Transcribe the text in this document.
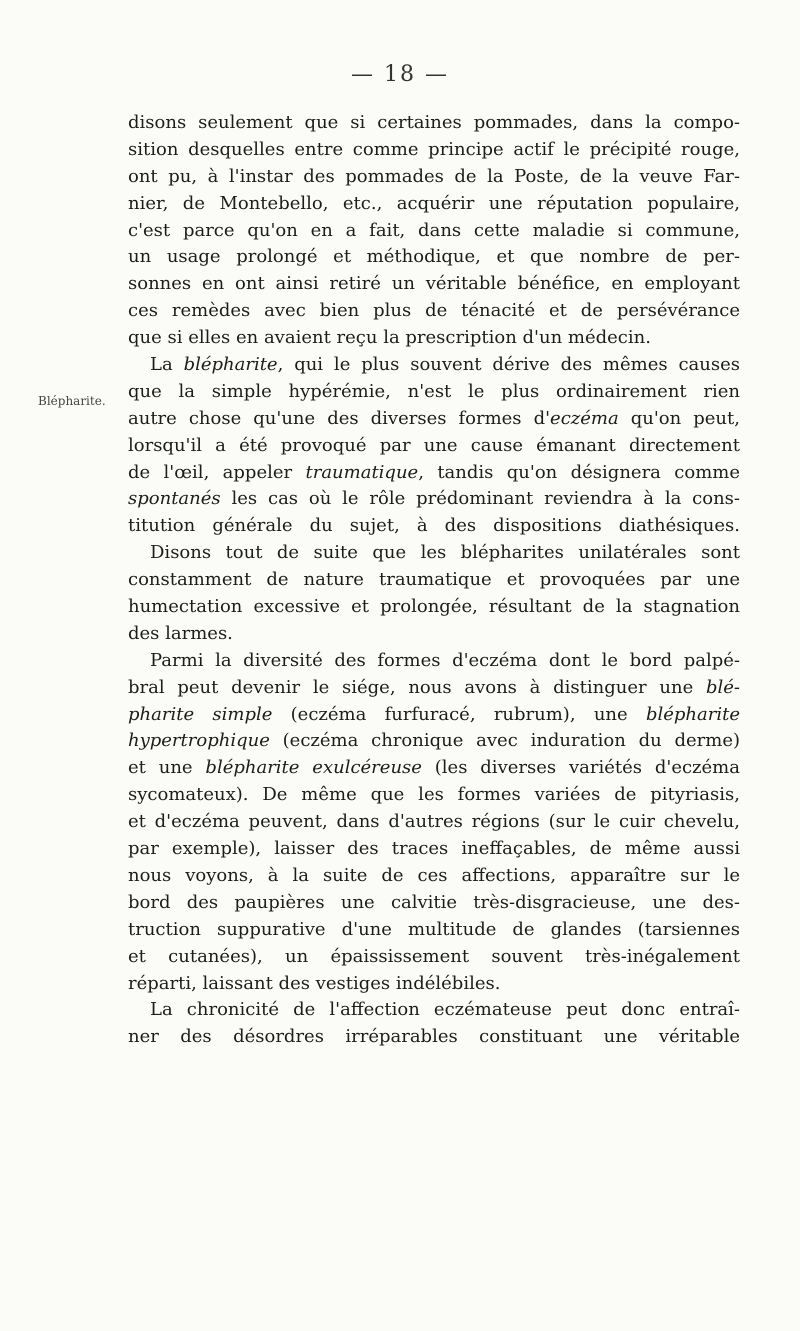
— 18 —
Blépharite.
disons seulement que si certaines pommades, dans la compo-
sition desquelles entre comme principe actif le précipité rouge,
ont pu, à l'instar des pommades de la Poste, de la veuve Far-
nier, de Montebello, etc., acquérir une réputation populaire,
c'est parce qu'on en a fait, dans cette maladie si commune,
un usage prolongé et méthodique, et que nombre de per-
sonnes en ont ainsi retiré un véritable bénéfice, en employant
ces remèdes avec bien plus de ténacité et de persévérance
que si elles en avaient reçu la prescription d'un médecin.
La blépharite, qui le plus souvent dérive des mêmes causes
que la simple hypérémie, n'est le plus ordinairement rien
autre chose qu'une des diverses formes d'eczéma qu'on peut,
lorsqu'il a été provoqué par une cause émanant directement
de l'œil, appeler traumatique, tandis qu'on désignera comme
spontanés les cas où le rôle prédominant reviendra à la cons-
titution générale du sujet, à des dispositions diathésiques.
Disons tout de suite que les blépharites unilatérales sont
constamment de nature traumatique et provoquées par une
humectation excessive et prolongée, résultant de la stagnation
des larmes.
Parmi la diversité des formes d'eczéma dont le bord palpé-
bral peut devenir le siége, nous avons à distinguer une blé-
pharite simple (eczéma furfuracé, rubrum), une blépharite
hypertrophique (eczéma chronique avec induration du derme)
et une blépharite exulcéreuse (les diverses variétés d'eczéma
sycomateux). De même que les formes variées de pityriasis,
et d'eczéma peuvent, dans d'autres régions (sur le cuir chevelu,
par exemple), laisser des traces ineffaçables, de même aussi
nous voyons, à la suite de ces affections, apparaître sur le
bord des paupières une calvitie très-disgracieuse, une des-
truction suppurative d'une multitude de glandes (tarsiennes
et cutanées), un épaississement souvent très-inégalement
réparti, laissant des vestiges indélébiles.
La chronicité de l'affection eczémateuse peut donc entraî-
ner des désordres irréparables constituant une véritable
